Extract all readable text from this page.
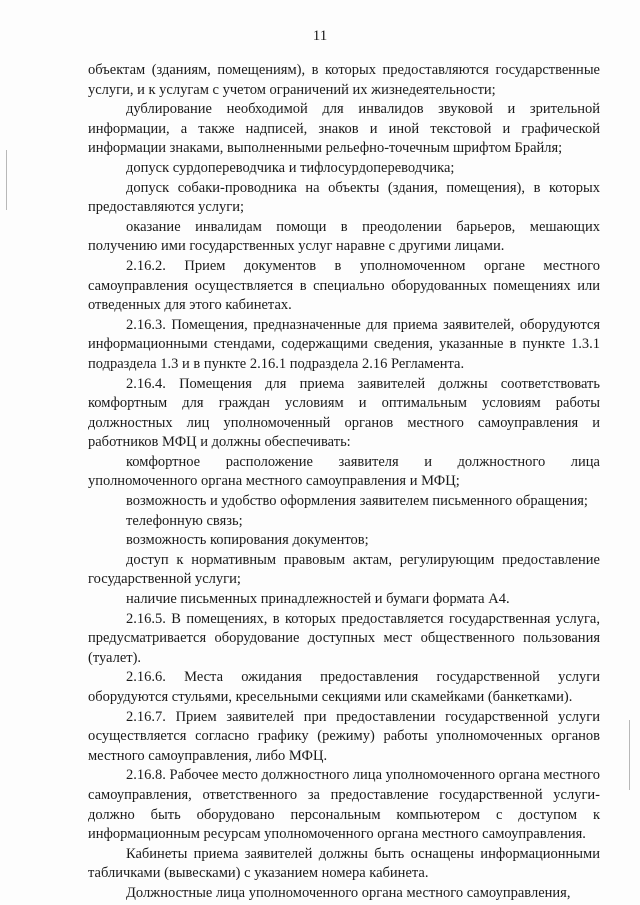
11

объектам (зданиям, помещениям), в которых предоставляются государственные услуги, и к услугам с учетом ограничений их жизнедеятельности;

дублирование необходимой для инвалидов звуковой и зрительной информации, а также надписей, знаков и иной текстовой и графической информации знаками, выполненными рельефно-точечным шрифтом Брайля;

допуск сурдопереводчика и тифлосурдопереводчика;

допуск собаки-проводника на объекты (здания, помещения), в которых предоставляются услуги;

оказание инвалидам помощи в преодолении барьеров, мешающих получению ими государственных услуг наравне с другими лицами.

2.16.2. Прием документов в уполномоченном органе местного самоуправления осуществляется в специально оборудованных помещениях или отведенных для этого кабинетах.

2.16.3. Помещения, предназначенные для приема заявителей, оборудуются информационными стендами, содержащими сведения, указанные в пункте 1.3.1 подраздела 1.3 и в пункте 2.16.1 подраздела 2.16 Регламента.

2.16.4. Помещения для приема заявителей должны соответствовать комфортным для граждан условиям и оптимальным условиям работы должностных лиц уполномоченный органов местного самоуправления и работников МФЦ и должны обеспечивать:

комфортное расположение заявителя и должностного лица уполномоченного органа местного самоуправления и МФЦ;

возможность и удобство оформления заявителем письменного обращения;

телефонную связь;

возможность копирования документов;

доступ к нормативным правовым актам, регулирующим предоставление государственной услуги;

наличие письменных принадлежностей и бумаги формата А4.

2.16.5. В помещениях, в которых предоставляется государственная услуга, предусматривается оборудование доступных мест общественного пользования (туалет).

2.16.6. Места ожидания предоставления государственной услуги оборудуются стульями, кресельными секциями или скамейками (банкетками).

2.16.7. Прием заявителей при предоставлении государственной услуги осуществляется согласно графику (режиму) работы уполномоченных органов местного самоуправления, либо МФЦ.

2.16.8. Рабочее место должностного лица уполномоченного органа местного самоуправления, ответственного за предоставление государственной услуги-должно быть оборудовано персональным компьютером с доступом к информационным ресурсам уполномоченного органа местного самоуправления.

Кабинеты приема заявителей должны быть оснащены информационными табличками (вывесками) с указанием номера кабинета.

Должностные лица уполномоченного органа местного самоуправления,
